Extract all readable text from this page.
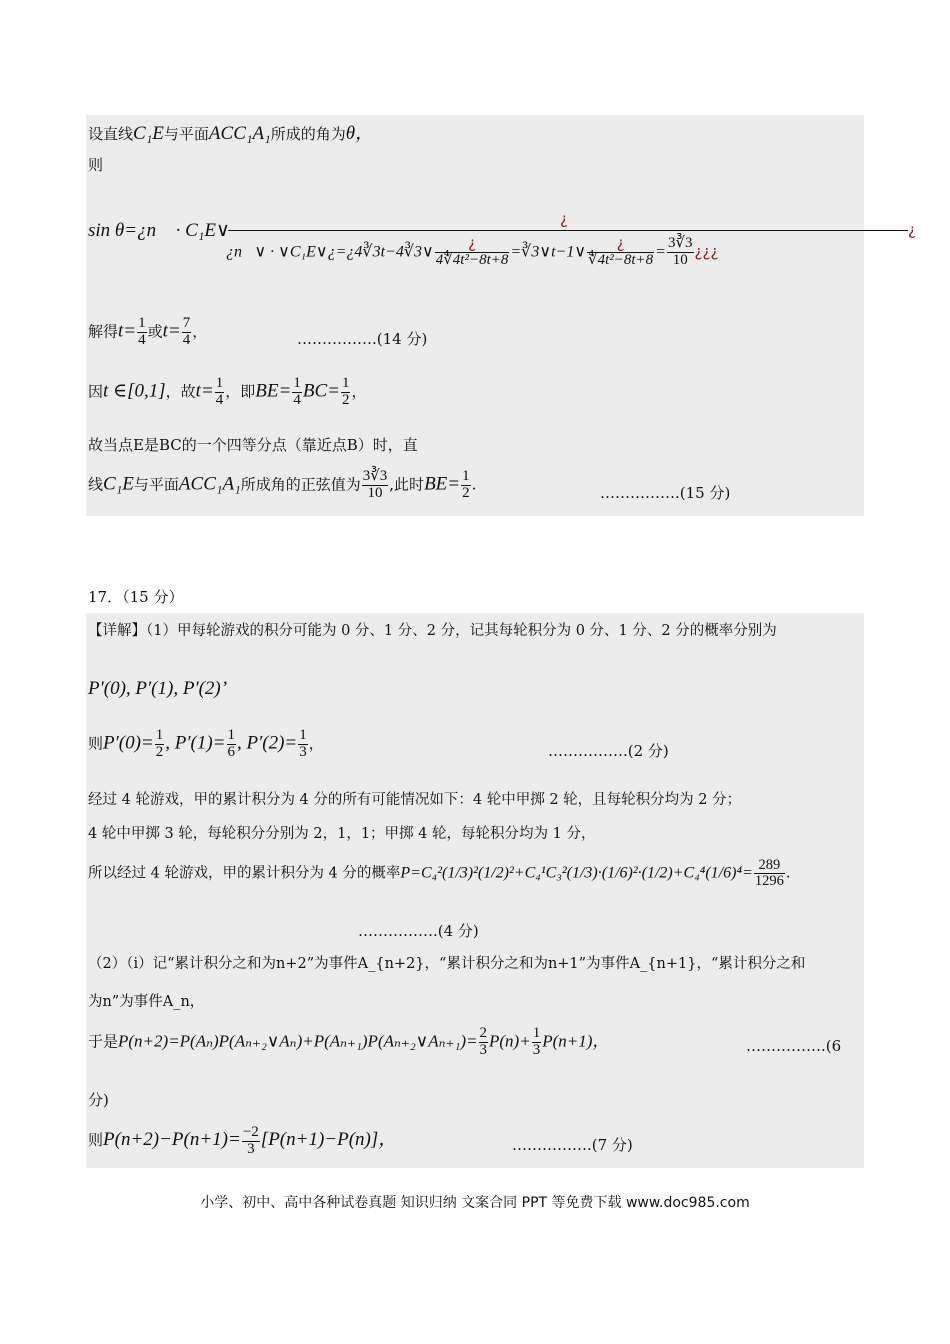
设直线C₁E与平面ACC₁A₁所成的角为θ，
则
sin θ=¿n⃗ · C₁E∨
¿
¿
¿n⃗∨ · ∨C₁E∨¿=¿4∛3t−4∛3∨ $\frac{¿}{\text{4∜4t²−8t+8}}$ =∛3∨t−1∨ $\frac{¿}{\text{∜4t²−8t+8}} = \frac{3∛3}{10}$ ¿¿¿
解得$t= \frac{1}{4}$ 或$t= \frac{7}{4}$ ，	…………….(14 分)
因t ∈[0,1]，故$t= \frac{1}{4}$ ，即$BE= \frac{1}{4} BC= \frac{1}{2}$ ，
故当点E是BC的一个四等分点（靠近点B）时，直
线C₁E与平面ACC₁A₁所成角的正弦值为 $\frac{3∛3}{10}$ ,此时$BE= \frac{1}{2}$ .	…………….(15 分)
17．（15 分）
【详解】（1）甲每轮游戏的积分可能为 0 分、1 分、2 分，记其每轮积分为 0 分、1 分、2 分的概率分别为
P′(0), P′(1), P′(2)’
则$P'(0)= \frac{1}{2}$ , $P'(1)= \frac{1}{6}$ , $P'(2)= \frac{1}{3}$ ，	…………….(2 分)
经过 4 轮游戏，甲的累计积分为 4 分的所有可能情况如下：4 轮中甲掷 2 轮，且每轮积分均为 2 分；
4 轮中甲掷 3 轮，每轮积分分别为 2，1，1；甲掷 4 轮，每轮积分均为 1 分，
所以经过 4 轮游戏，甲的累计积分为 4 分的概率$P=C_4^2(1/3)^2(1/2)^2+C_4^1C_3^2(1/3)\cdot(1/6)^2\cdot(1/2)+C_4^4(1/6)^4= \frac{289}{1296}$ .
…………….(4 分)
（2）（i）记“累计积分之和为n+2”为事件A_{n+2}，“累计积分之和为n+1”为事件A_{n+1}，“累计积分之和
为n”为事件A_n，
于是P(n+2)=P(Aₙ)P(Aₙ₊₂∨Aₙ)+P(Aₙ₊₁)P(Aₙ₊₂∨Aₙ₊₁)= $\frac{2}{3} P(n)+ \frac{1}{3} P(n+1)$，	…………….(6
分)
则$P(n+2)-P(n+1)= \frac{-2}{3} [P(n+1)-P(n)]$，	…………….(7 分)
小学、初中、高中各种试卷真题 知识归纳 文案合同 PPT 等免费下载 www.doc985.com
